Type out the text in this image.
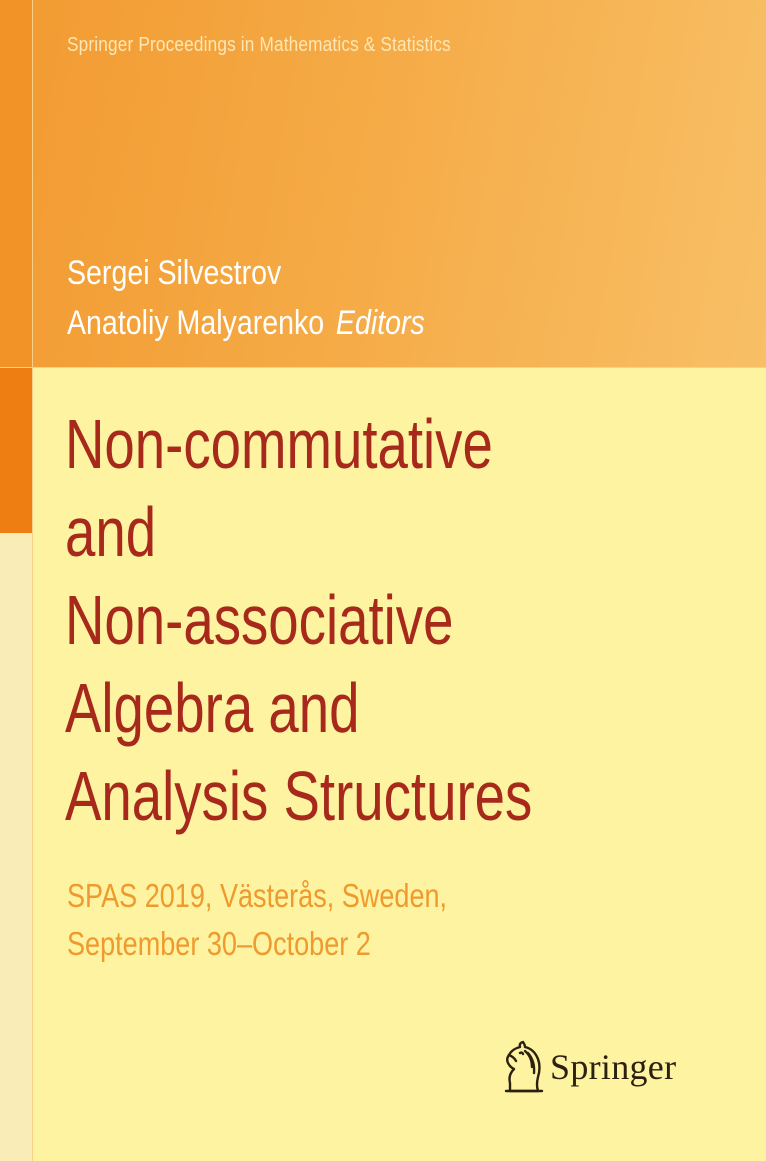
Springer Proceedings in Mathematics & Statistics
Sergei Silvestrov
Anatoliy Malyarenko Editors
Non-commutative
and
Non-associative
Algebra and
Analysis Structures
SPAS 2019, Västerås, Sweden,
September 30–October 2
Springer
